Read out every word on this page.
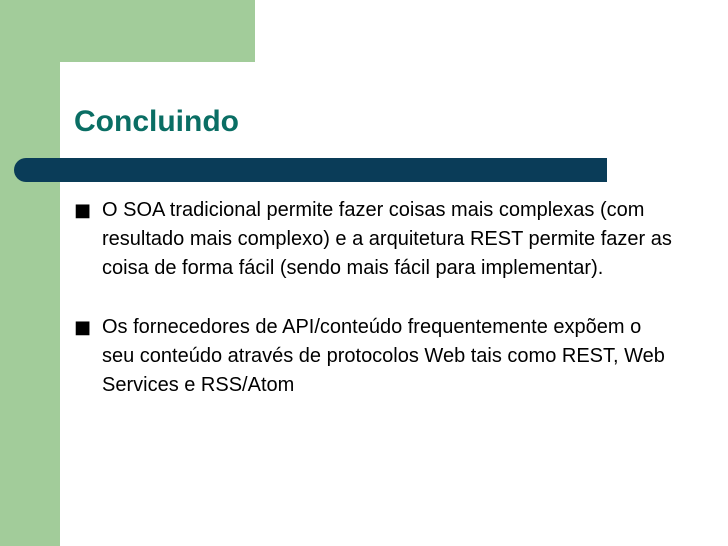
Concluindo
■ O SOA tradicional permite fazer coisas mais complexas (com resultado mais complexo) e a arquitetura REST permite fazer as coisa de forma fácil (sendo mais fácil para implementar).
■ Os fornecedores de API/conteúdo frequentemente expõem o seu conteúdo através de protocolos Web tais como REST, Web Services e RSS/Atom
